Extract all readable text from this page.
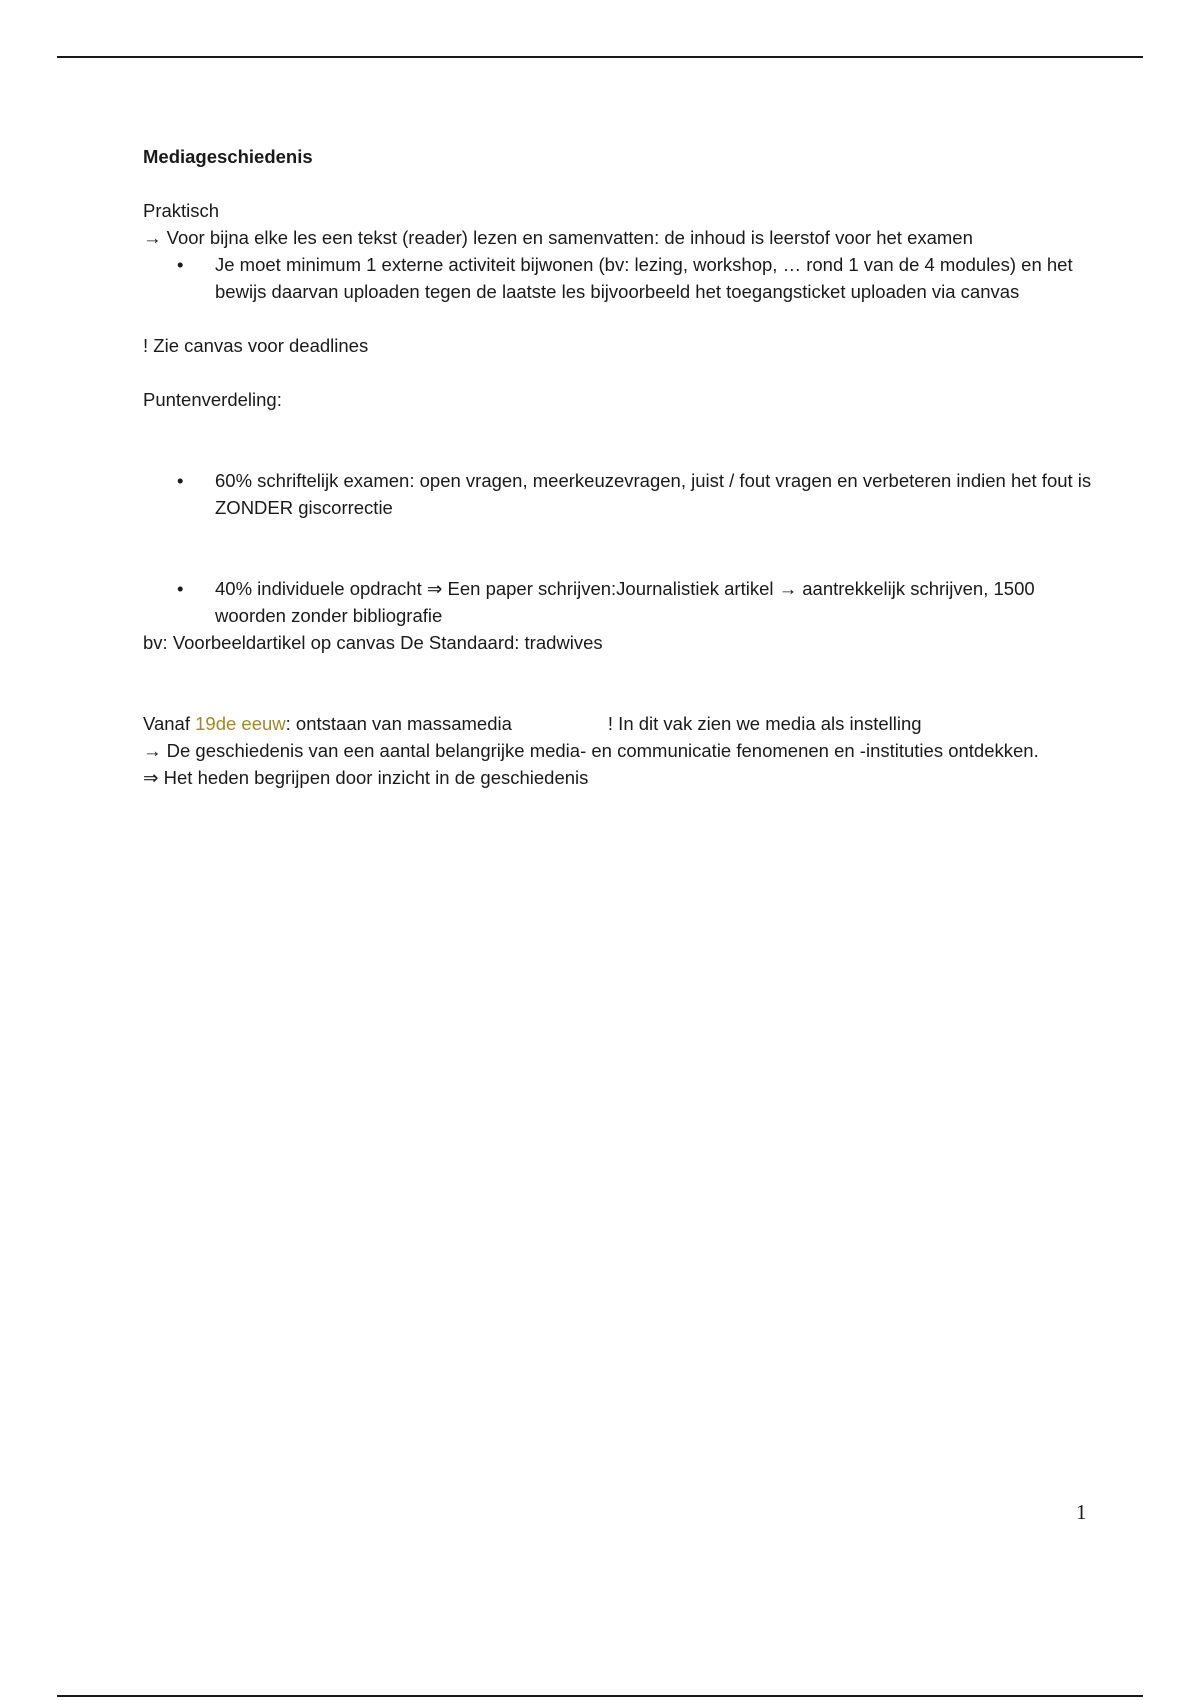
Mediageschiedenis

Praktisch

→ Voor bijna elke les een tekst (reader) lezen en samenvatten: de inhoud is leerstof voor het examen

• Je moet minimum 1 externe activiteit bijwonen (bv: lezing, workshop, … rond 1 van de 4 modules) en het bewijs daarvan uploaden tegen de laatste les bijvoorbeeld het toegangsticket uploaden via canvas

! Zie canvas voor deadlines

Puntenverdeling:

• 60% schriftelijk examen: open vragen, meerkeuzevragen, juist / fout vragen en verbeteren indien het fout is ZONDER giscorrectie
• 40% individuele opdracht ⇒ Een paper schrijven:Journalistiek artikel → aantrekkelijk schrijven, 1500 woorden zonder bibliografie

bv: Voorbeeldartikel op canvas De Standaard: tradwives

Vanaf 19de eeuw: ontstaan van massamedia	! In dit vak zien we media als instelling

→ De geschiedenis van een aantal belangrijke media- en communicatie fenomenen en -instituties ontdekken.

⇒ Het heden begrijpen door inzicht in de geschiedenis

1
